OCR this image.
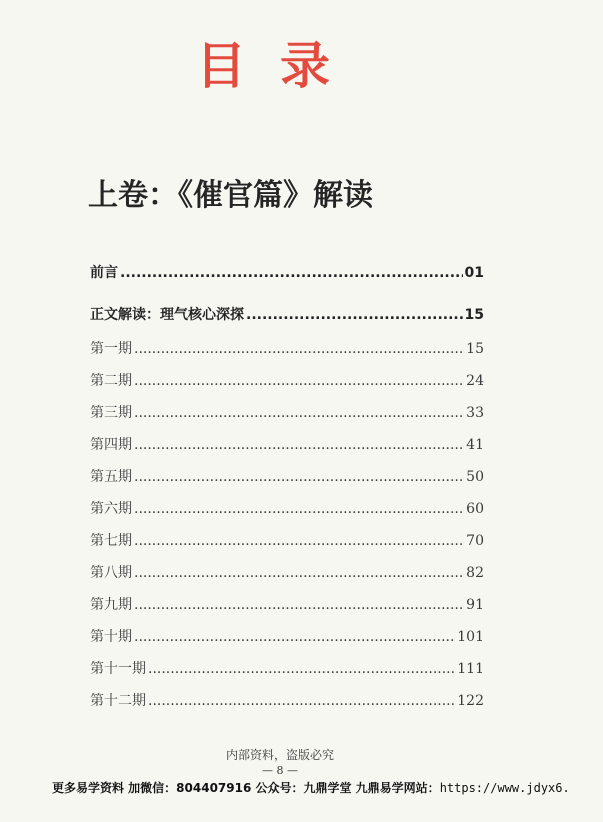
目录
上卷：《催官篇》解读
前言 .....	01
正文解读：理气核心深探 .....	15
第一期 .....	15
第二期 .....	24
第三期 .....	33
第四期 .....	41
第五期 .....	50
第六期 .....	60
第七期 .....	70
第八期 .....	82
第九期 .....	91
第十期 .....	101
第十一期 .....	111
第十二期 .....	122
内部资料，盗版必究
— 8 —
更多易学资料 加微信：804407916 公众号：九鼎学堂 九鼎易学网站：https://www.jdyx6.
